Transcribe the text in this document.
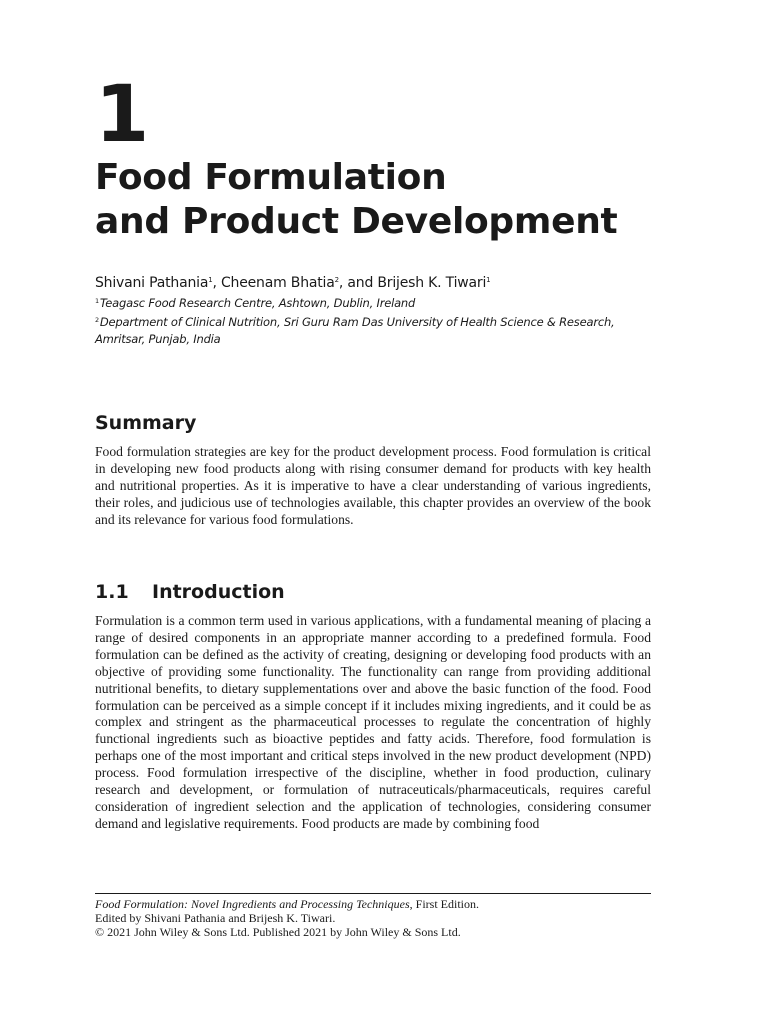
1
Food Formulation
and Product Development
Shivani Pathania$^1$, Cheenam Bhatia$^2$, and Brijesh K. Tiwari$^1$
$^1$ Teagasc Food Research Centre, Ashtown, Dublin, Ireland
$^2$ Department of Clinical Nutrition, Sri Guru Ram Das University of Health Science & Research, Amritsar, Punjab, India
Summary

Food formulation strategies are key for the product development process. Food formulation is critical in developing new food products along with rising consumer demand for products with key health and nutritional properties. As it is imperative to have a clear understanding of various ingredients, their roles, and judicious use of technologies available, this chapter provides an overview of the book and its relevance for various food formulations.

1.1 Introduction

Formulation is a common term used in various applications, with a fundamental meaning of placing a range of desired components in an appropriate manner according to a predefined formula. Food formulation can be defined as the activity of creating, designing or developing food products with an objective of providing some functionality. The functionality can range from providing additional nutritional benefits, to dietary supplementations over and above the basic function of the food. Food formulation can be perceived as a simple concept if it includes mixing ingredients, and it could be as complex and stringent as the pharmaceutical processes to regulate the concentration of highly functional ingredients such as bioactive peptides and fatty acids. Therefore, food formulation is perhaps one of the most important and critical steps involved in the new product development (NPD) process. Food formulation irrespective of the discipline, whether in food production, culinary research and development, or formulation of nutraceuticals/pharmaceuticals, requires careful consideration of ingredient selection and the application of technologies, considering consumer demand and legislative requirements. Food products are made by combining food

Food Formulation: Novel Ingredients and Processing Techniques, First Edition.
Edited by Shivani Pathania and Brijesh K. Tiwari.
© 2021 John Wiley & Sons Ltd. Published 2021 by John Wiley & Sons Ltd.
